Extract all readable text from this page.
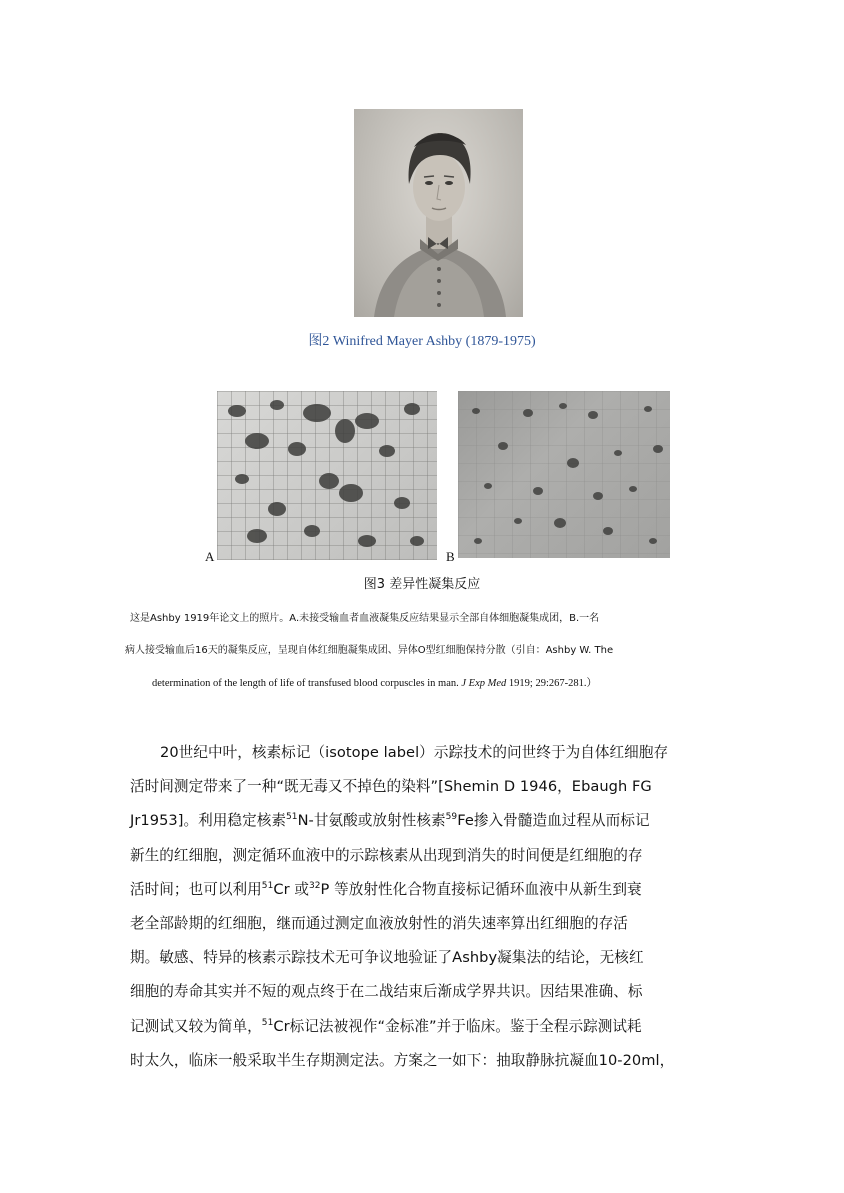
图2 Winifred Mayer Ashby (1879-1975)
A	B
图3 差异性凝集反应
这是Ashby 1919年论文上的照片。A.未接受输血者血液凝集反应结果显示全部自体细胞凝集成团，B.一名
病人接受输血后16天的凝集反应，呈现自体红细胞凝集成团、异体O型红细胞保持分散（引自：Ashby W. The
determination of the length of life of transfused blood corpuscles in man. J Exp Med 1919; 29:267-281.）
20世纪中叶，核素标记（isotope label）示踪技术的问世终于为自体红细胞存
活时间测定带来了一种“既无毒又不掉色的染料”[Shemin D 1946，Ebaugh FG
Jr1953]。利用稳定核素$^{51}$N-甘氨酸或放射性核素$^{59}$Fe掺入骨髓造血过程从而标记
新生的红细胞，测定循环血液中的示踪核素从出现到消失的时间便是红细胞的存
活时间；也可以利用$^{51}$Cr 或$^{32}$P 等放射性化合物直接标记循环血液中从新生到衰
老全部龄期的红细胞，继而通过测定血液放射性的消失速率算出红细胞的存活
期。敏感、特异的核素示踪技术无可争议地验证了Ashby凝集法的结论，无核红
细胞的寿命其实并不短的观点终于在二战结束后渐成学界共识。因结果准确、标
记测试又较为简单，$^{51}$Cr标记法被视作“金标准”并于临床。鉴于全程示踪测试耗
时太久，临床一般采取半生存期测定法。方案之一如下：抽取静脉抗凝血10-20ml，
